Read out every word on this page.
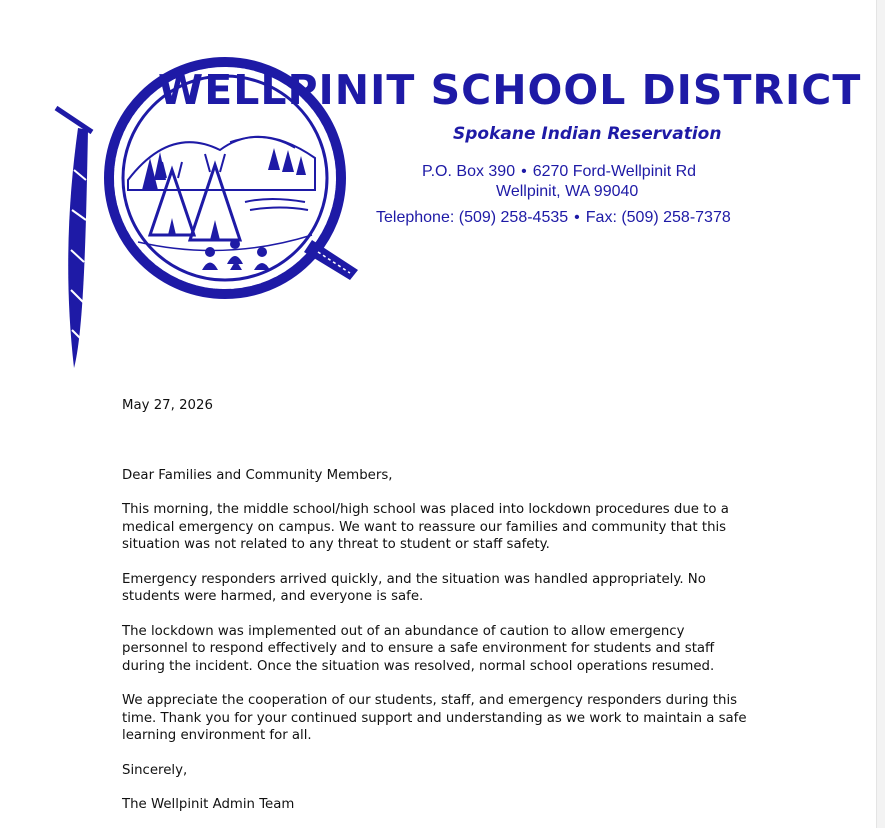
WELLPINIT SCHOOL DISTRICT
Spokane Indian Reservation
P.O. Box 390 • 6270 Ford-Wellpinit Rd
Wellpinit, WA 99040
Telephone: (509) 258-4535 • Fax: (509) 258-7378

May 27, 2026

Dear Families and Community Members,

This morning, the middle school/high school was placed into lockdown procedures due to a medical emergency on campus. We want to reassure our families and community that this situation was not related to any threat to student or staff safety.

Emergency responders arrived quickly, and the situation was handled appropriately. No students were harmed, and everyone is safe.

The lockdown was implemented out of an abundance of caution to allow emergency personnel to respond effectively and to ensure a safe environment for students and staff during the incident. Once the situation was resolved, normal school operations resumed.

We appreciate the cooperation of our students, staff, and emergency responders during this time. Thank you for your continued support and understanding as we work to maintain a safe learning environment for all.

Sincerely,

The Wellpinit Admin Team
